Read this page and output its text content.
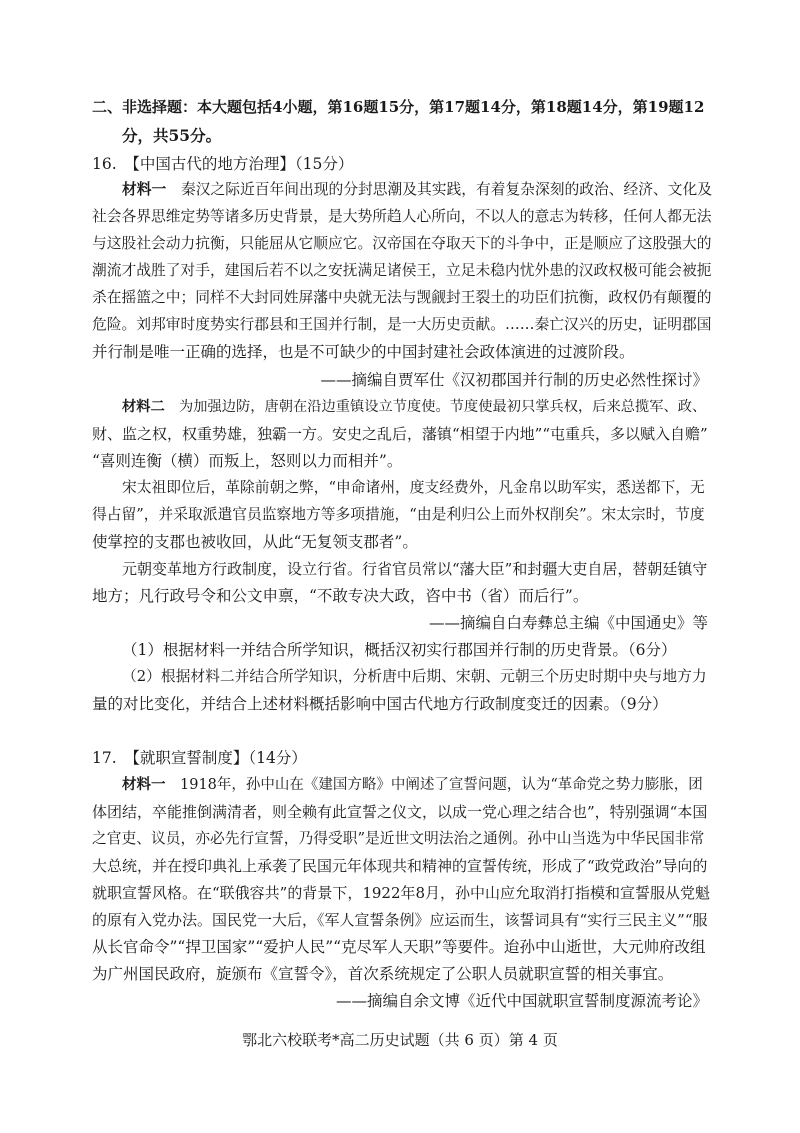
二、非选择题：本大题包括4小题，第16题15分，第17题14分，第18题14分，第19题12
分，共55分。
16.　【中国古代的地方治理】（15分）
材料一　 秦汉之际近百年间出现的分封思潮及其实践，有着复杂深刻的政治、经济、文化及
社会各界思维定势等诸多历史背景，是大势所趋人心所向，不以人的意志为转移，任何人都无法
与这股社会动力抗衡，只能屈从它顺应它。汉帝国在夺取天下的斗争中，正是顺应了这股强大的
潮流才战胜了对手，建国后若不以之安抚满足诸侯王，立足未稳内忧外患的汉政权极可能会被扼
杀在摇篮之中；同样不大封同姓屏藩中央就无法与觊觎封王裂土的功臣们抗衡，政权仍有颠覆的
危险。刘邦审时度势实行郡县和王国并行制，是一大历史贡献。……秦亡汉兴的历史，证明郡国
并行制是唯一正确的选择，也是不可缺少的中国封建社会政体演进的过渡阶段。
——摘编自贾军仕《汉初郡国并行制的历史必然性探讨》
材料二　 为加强边防，唐朝在沿边重镇设立节度使。节度使最初只掌兵权，后来总揽军、政、
财、监之权，权重势雄，独霸一方。安史之乱后，藩镇“相望于内地”“屯重兵，多以赋入自赡”
“喜则连衡（横）而叛上，怒则以力而相并”。
宋太祖即位后，革除前朝之弊，“申命诸州，度支经费外，凡金帛以助军实，悉送都下，无
得占留”，并采取派遣官员监察地方等多项措施，“由是利归公上而外权削矣”。宋太宗时，节度
使掌控的支郡也被收回，从此“无复领支郡者”。
元朝变革地方行政制度，设立行省。行省官员常以“藩大臣”和封疆大吏自居，替朝廷镇守
地方；凡行政号令和公文申禀，“不敢专决大政，咨中书（省）而后行”。
——摘编自白寿彝总主编《中国通史》等
（1）根据材料一并结合所学知识，概括汉初实行郡国并行制的历史背景。（6分）
（2）根据材料二并结合所学知识，分析唐中后期、宋朝、元朝三个历史时期中央与地方力
量的对比变化，并结合上述材料概括影响中国古代地方行政制度变迁的因素。（9分）
17.　【就职宣誓制度】（14分）
材料一　 1918年，孙中山在《建国方略》中阐述了宣誓问题，认为“革命党之势力膨胀，团
体团结，卒能推倒满清者，则全赖有此宣誓之仪文，以成一党心理之结合也”，特别强调“本国
之官吏、议员，亦必先行宣誓，乃得受职”是近世文明法治之通例。孙中山当选为中华民国非常
大总统，并在授印典礼上承袭了民国元年体现共和精神的宣誓传统，形成了“政党政治”导向的
就职宣誓风格。在“联俄容共”的背景下，1922年8月，孙中山应允取消打指模和宣誓服从党魁
的原有入党办法。国民党一大后，《军人宣誓条例》应运而生，该誓词具有“实行三民主义”“服
从长官命令”“捍卫国家”“爱护人民”“克尽军人天职”等要件。迨孙中山逝世，大元帅府改组
为广州国民政府，旋颁布《宣誓令》，首次系统规定了公职人员就职宣誓的相关事宜。
——摘编自余文博《近代中国就职宣誓制度源流考论》
鄂北六校联考*高二历史试题（共 6 页）第 4 页
